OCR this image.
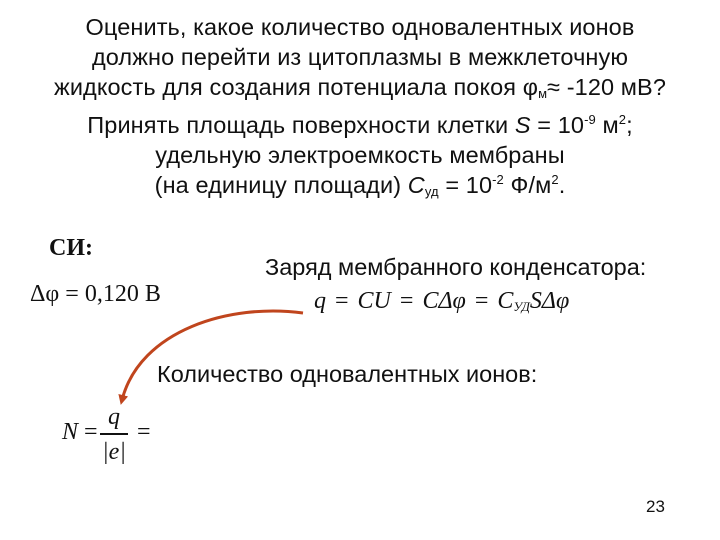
Оценить, какое количество одновалентных ионов
должно перейти из цитоплазмы в межклеточную
жидкость для создания потенциала покоя $\varphi_м\approx -120$ мВ?
Принять площадь поверхности клетки $S = 10^{-9}$ $м^2$;
удельную электроемкость мембраны
(на единицу площади) $C_{уд} = 10^{-2}$ $Ф/м^2$.
СИ:
Δφ = 0,120 В
Заряд мембранного конденсатора:
q = CU = $C\Delta\varphi = C_{УД}S\Delta\varphi$
Количество одновалентных ионов:
N =
q
|e|
=
23
